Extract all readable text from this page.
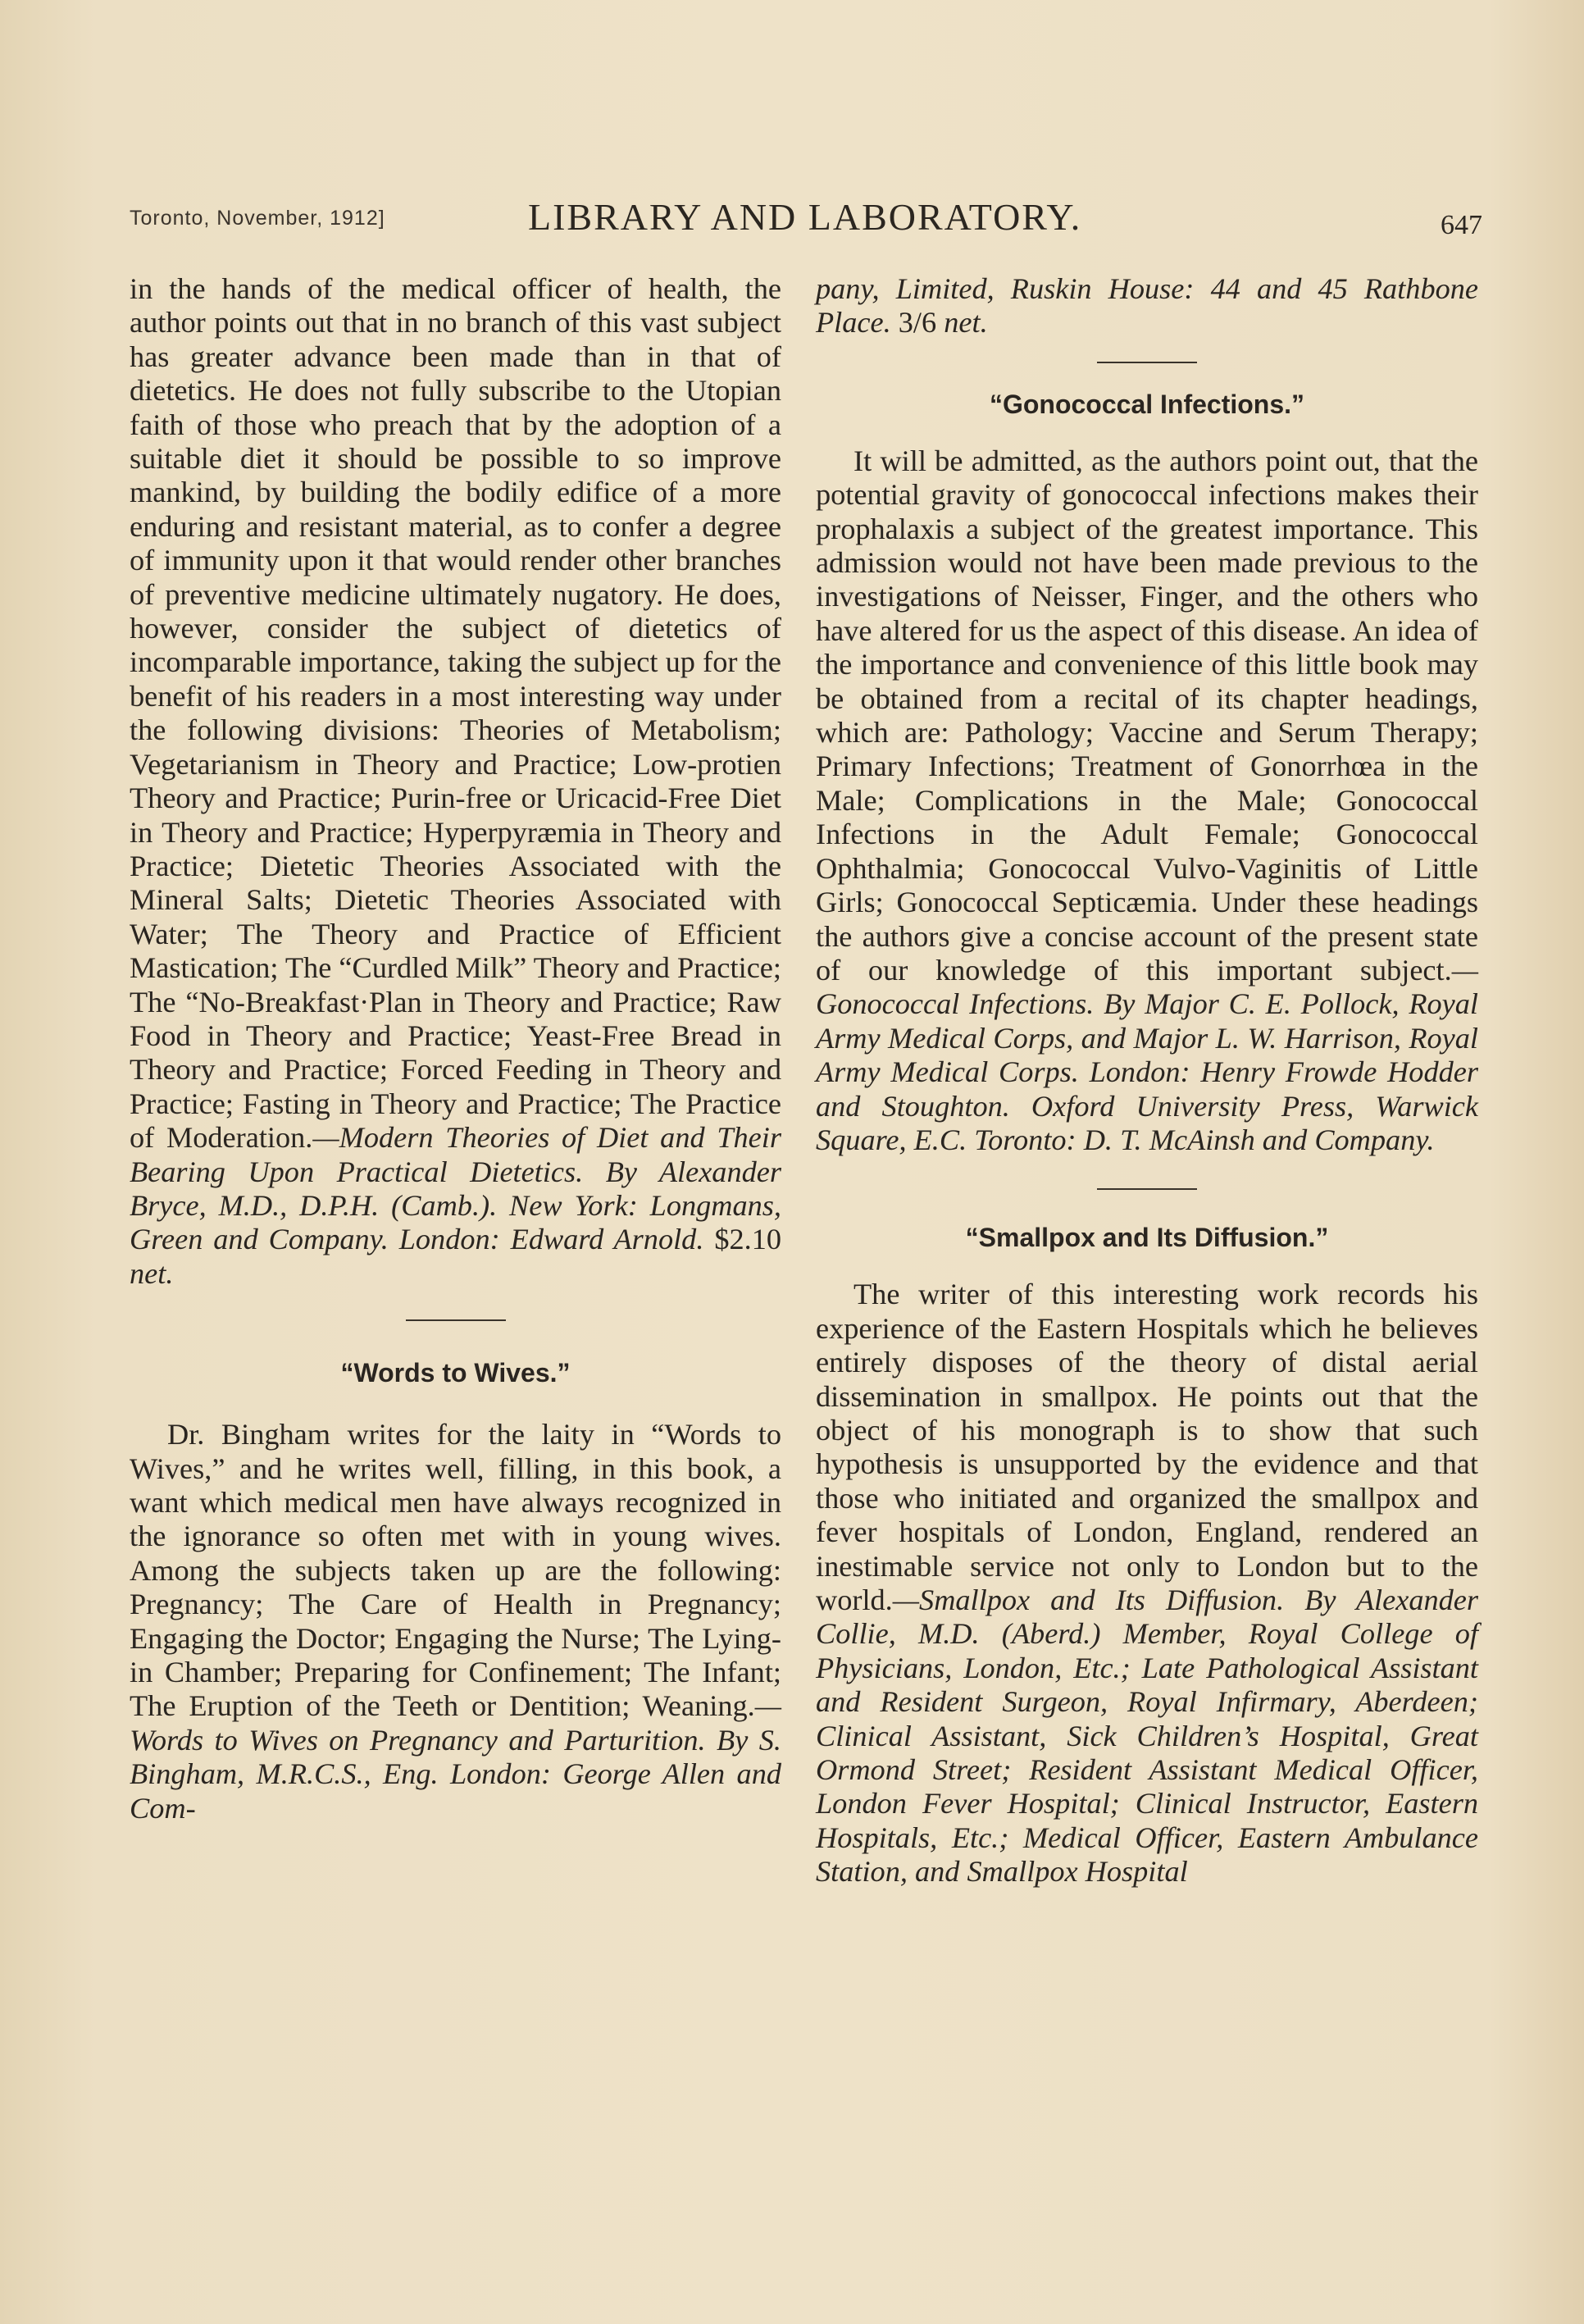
Toronto, November, 1912]	LIBRARY AND LABORATORY.	647

in the hands of the medical officer of health, the author points out that in no branch of this vast subject has greater advance been made than in that of dietetics. He does not fully subscribe to the Utopian faith of those who preach that by the adoption of a suitable diet it should be possible to so improve mankind, by building the bodily edifice of a more enduring and resistant material, as to confer a degree of immunity upon it that would render other branches of preventive medicine ultimately nugatory. He does, however, consider the subject of dietetics of incomparable importance, taking the subject up for the benefit of his readers in a most interesting way under the following divisions: Theories of Metabolism; Vegetarianism in Theory and Practice; Low-protien Theory and Practice; Purin-free or Uricacid-Free Diet in Theory and Practice; Hyperpyræmia in Theory and Practice; Dietetic Theories Associated with the Mineral Salts; Dietetic Theories Associated with Water; The Theory and Practice of Efficient Mastication; The “Curdled Milk” Theory and Practice; The “No-Breakfast·Plan in Theory and Practice; Raw Food in Theory and Practice; Yeast-Free Bread in Theory and Practice; Forced Feeding in Theory and Practice; Fasting in Theory and Practice; The Practice of Moderation.—Modern Theories of Diet and Their Bearing Upon Practical Dietetics. By Alexander Bryce, M.D., D.P.H. (Camb.). New York: Longmans, Green and Company. London: Edward Arnold. $2.10 net.

“Words to Wives.”

Dr. Bingham writes for the laity in “Words to Wives,” and he writes well, filling, in this book, a want which medical men have always recognized in the ignorance so often met with in young wives. Among the subjects taken up are the following: Pregnancy; The Care of Health in Pregnancy; Engaging the Doctor; Engaging the Nurse; The Lying-in Chamber; Preparing for Confinement; The Infant; The Eruption of the Teeth or Dentition; Weaning.—Words to Wives on Pregnancy and Parturition. By S. Bingham, M.R.C.S., Eng. London: George Allen and Com-

pany, Limited, Ruskin House: 44 and 45 Rathbone Place. 3/6 net.

“Gonococcal Infections.”

It will be admitted, as the authors point out, that the potential gravity of gonococcal infections makes their prophalaxis a subject of the greatest importance. This admission would not have been made previous to the investigations of Neisser, Finger, and the others who have altered for us the aspect of this disease. An idea of the importance and convenience of this little book may be obtained from a recital of its chapter headings, which are: Pathology; Vaccine and Serum Therapy; Primary Infections; Treatment of Gonorrhœa in the Male; Complications in the Male; Gonococcal Infections in the Adult Female; Gonococcal Ophthalmia; Gonococcal Vulvo-Vaginitis of Little Girls; Gonococcal Septicæmia. Under these headings the authors give a concise account of the present state of our knowledge of this important subject.—Gonococcal Infections. By Major C. E. Pollock, Royal Army Medical Corps, and Major L. W. Harrison, Royal Army Medical Corps. London: Henry Frowde Hodder and Stoughton. Oxford University Press, Warwick Square, E.C. Toronto: D. T. McAinsh and Company.

“Smallpox and Its Diffusion.”

The writer of this interesting work records his experience of the Eastern Hospitals which he believes entirely disposes of the theory of distal aerial dissemination in smallpox. He points out that the object of his monograph is to show that such hypothesis is unsupported by the evidence and that those who initiated and organized the smallpox and fever hospitals of London, England, rendered an inestimable service not only to London but to the world.—Smallpox and Its Diffusion. By Alexander Collie, M.D. (Aberd.) Member, Royal College of Physicians, London, Etc.; Late Pathological Assistant and Resident Surgeon, Royal Infirmary, Aberdeen; Clinical Assistant, Sick Children’s Hospital, Great Ormond Street; Resident Assistant Medical Officer, London Fever Hospital; Clinical Instructor, Eastern Hospitals, Etc.; Medical Officer, Eastern Ambulance Station, and Smallpox Hospital
